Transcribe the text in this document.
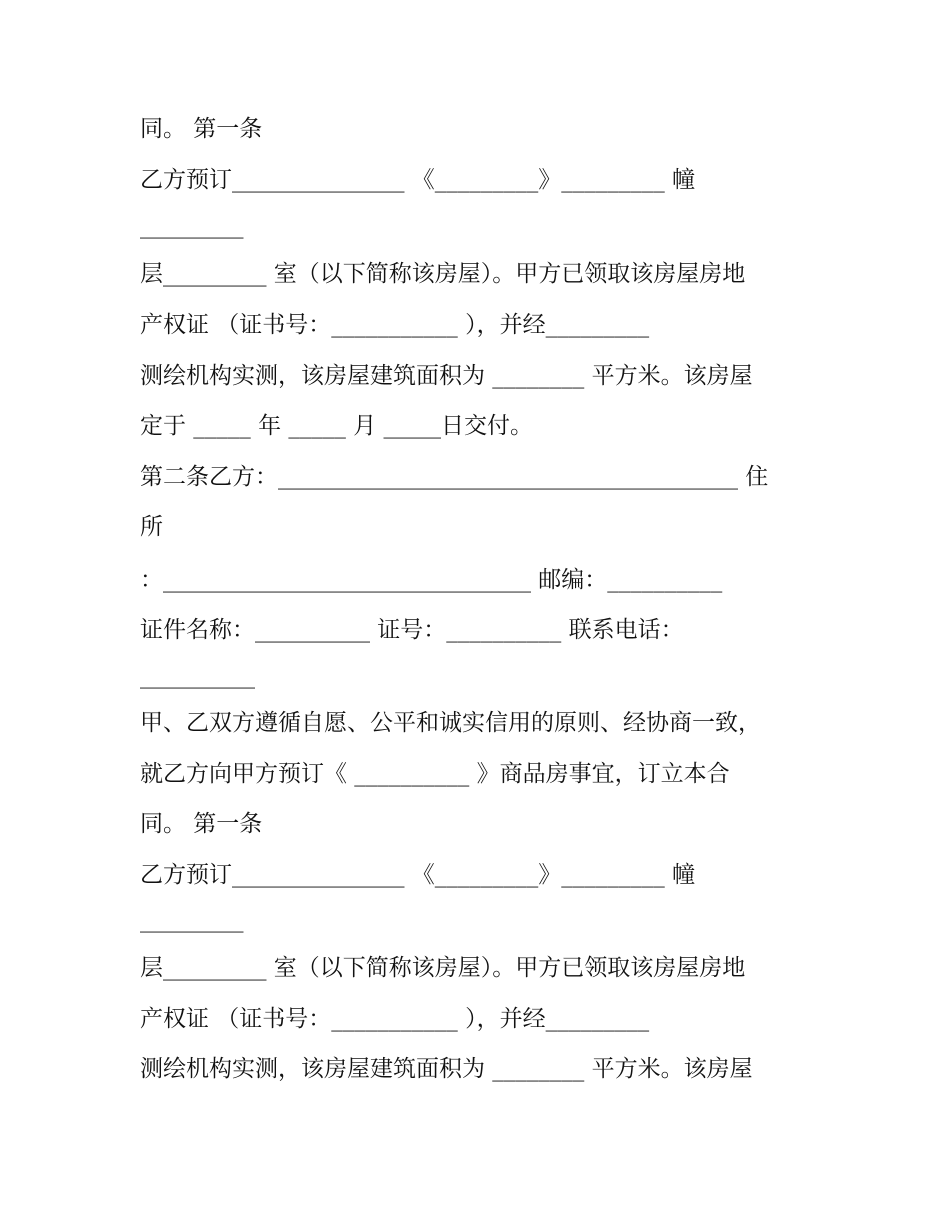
同。 第一条
乙方预订_______________ 《_________》_________ 幢
_________
层_________ 室（以下简称该房屋）。甲方已领取该房屋房地
产权证 （证书号：___________ ），并经_________
测绘机构实测，该房屋建筑面积为 ________ 平方米。该房屋
定于 _____ 年 _____ 月 _____日交付。
第二条乙方：________________________________________ 住
所
：________________________________ 邮编：__________
证件名称：__________ 证号：__________ 联系电话：
__________
甲、乙双方遵循自愿、公平和诚实信用的原则、经协商一致，
就乙方向甲方预订《 __________ 》商品房事宜，订立本合
同。 第一条
乙方预订_______________ 《_________》_________ 幢
_________
层_________ 室（以下简称该房屋）。甲方已领取该房屋房地
产权证 （证书号：___________ ），并经_________
测绘机构实测，该房屋建筑面积为 ________ 平方米。该房屋
